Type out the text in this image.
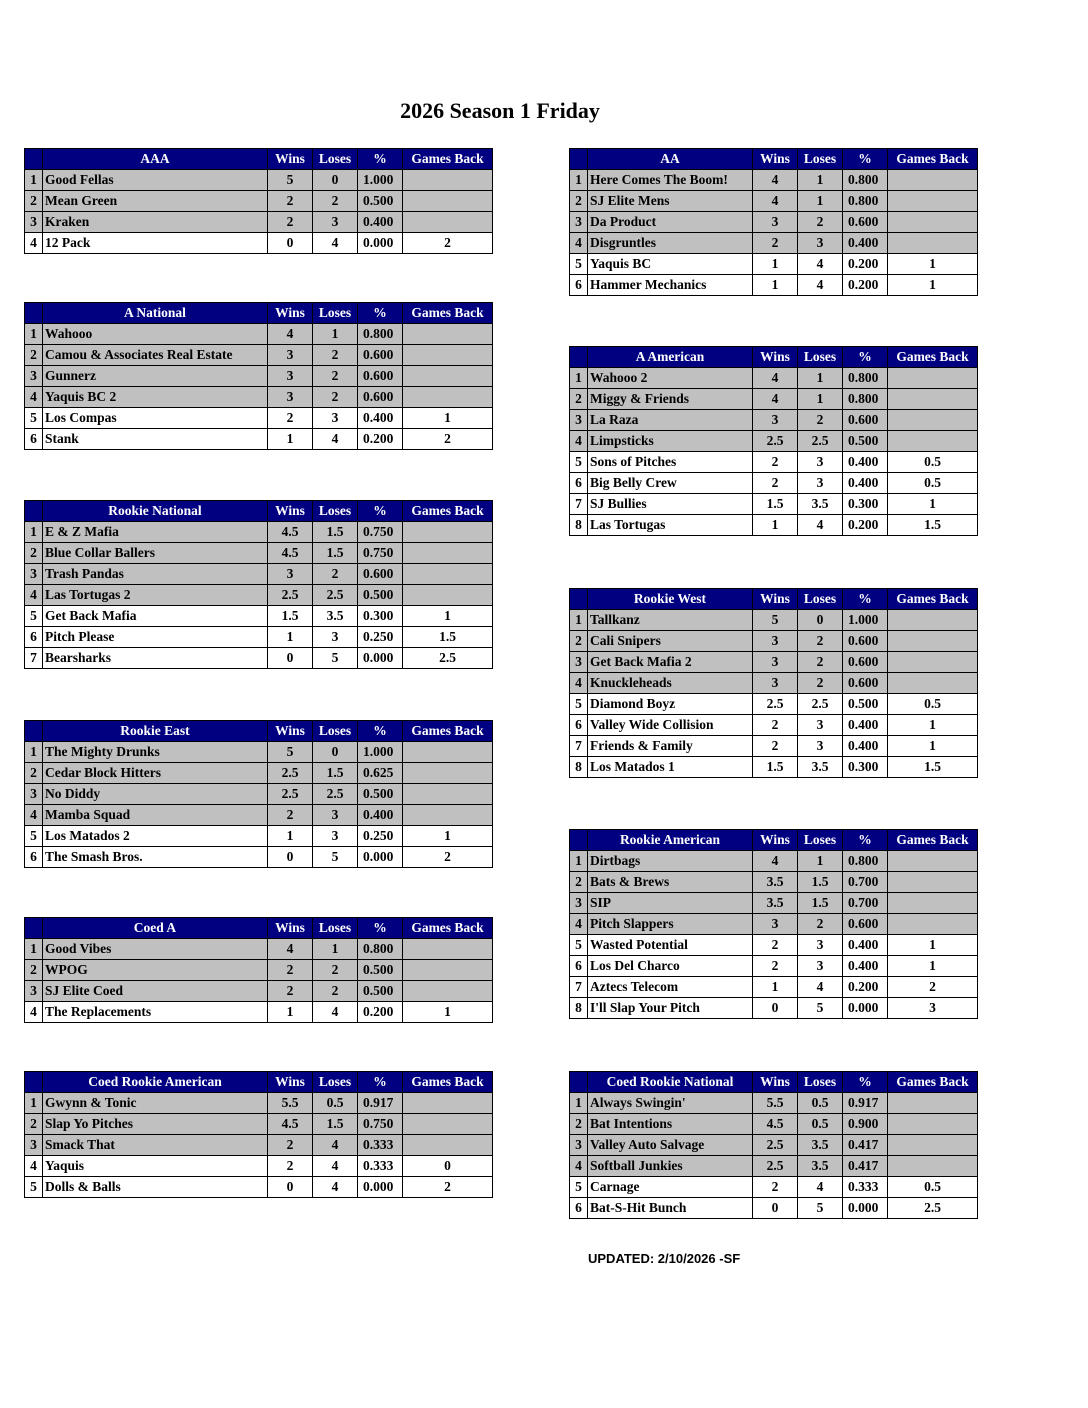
2026 Season 1 Friday
	AAA	Wins	Loses	%	Games Back
1	Good Fellas	5	0	1.000	
2	Mean Green	2	2	0.500	
3	Kraken	2	3	0.400	
4	12 Pack	0	4	0.000	2
	A National	Wins	Loses	%	Games Back
1	Wahooo	4	1	0.800	
2	Camou & Associates Real Estate	3	2	0.600	
3	Gunnerz	3	2	0.600	
4	Yaquis BC 2	3	2	0.600	
5	Los Compas	2	3	0.400	1
6	Stank	1	4	0.200	2
	Rookie National	Wins	Loses	%	Games Back
1	E & Z Mafia	4.5	1.5	0.750	
2	Blue Collar Ballers	4.5	1.5	0.750	
3	Trash Pandas	3	2	0.600	
4	Las Tortugas 2	2.5	2.5	0.500	
5	Get Back Mafia	1.5	3.5	0.300	1
6	Pitch Please	1	3	0.250	1.5
7	Bearsharks	0	5	0.000	2.5
	Rookie East	Wins	Loses	%	Games Back
1	The Mighty Drunks	5	0	1.000	
2	Cedar Block Hitters	2.5	1.5	0.625	
3	No Diddy	2.5	2.5	0.500	
4	Mamba Squad	2	3	0.400	
5	Los Matados 2	1	3	0.250	1
6	The Smash Bros.	0	5	0.000	2
	Coed A	Wins	Loses	%	Games Back
1	Good Vibes	4	1	0.800	
2	WPOG	2	2	0.500	
3	SJ Elite Coed	2	2	0.500	
4	The Replacements	1	4	0.200	1
	Coed Rookie American	Wins	Loses	%	Games Back
1	Gwynn & Tonic	5.5	0.5	0.917	
2	Slap Yo Pitches	4.5	1.5	0.750	
3	Smack That	2	4	0.333	
4	Yaquis	2	4	0.333	0
5	Dolls & Balls	0	4	0.000	2
	AA	Wins	Loses	%	Games Back
1	Here Comes The Boom!	4	1	0.800	
2	SJ Elite Mens	4	1	0.800	
3	Da Product	3	2	0.600	
4	Disgruntles	2	3	0.400	
5	Yaquis BC	1	4	0.200	1
6	Hammer Mechanics	1	4	0.200	1
	A American	Wins	Loses	%	Games Back
1	Wahooo 2	4	1	0.800	
2	Miggy & Friends	4	1	0.800	
3	La Raza	3	2	0.600	
4	Limpsticks	2.5	2.5	0.500	
5	Sons of Pitches	2	3	0.400	0.5
6	Big Belly Crew	2	3	0.400	0.5
7	SJ Bullies	1.5	3.5	0.300	1
8	Las Tortugas	1	4	0.200	1.5
	Rookie West	Wins	Loses	%	Games Back
1	Tallkanz	5	0	1.000	
2	Cali Snipers	3	2	0.600	
3	Get Back Mafia 2	3	2	0.600	
4	Knuckleheads	3	2	0.600	
5	Diamond Boyz	2.5	2.5	0.500	0.5
6	Valley Wide Collision	2	3	0.400	1
7	Friends & Family	2	3	0.400	1
8	Los Matados 1	1.5	3.5	0.300	1.5
	Rookie American	Wins	Loses	%	Games Back
1	Dirtbags	4	1	0.800	
2	Bats & Brews	3.5	1.5	0.700	
3	SIP	3.5	1.5	0.700	
4	Pitch Slappers	3	2	0.600	
5	Wasted Potential	2	3	0.400	1
6	Los Del Charco	2	3	0.400	1
7	Aztecs Telecom	1	4	0.200	2
8	I'll Slap Your Pitch	0	5	0.000	3
	Coed Rookie National	Wins	Loses	%	Games Back
1	Always Swingin'	5.5	0.5	0.917	
2	Bat Intentions	4.5	0.5	0.900	
3	Valley Auto Salvage	2.5	3.5	0.417	
4	Softball Junkies	2.5	3.5	0.417	
5	Carnage	2	4	0.333	0.5
6	Bat-S-Hit Bunch	0	5	0.000	2.5
UPDATED: 2/10/2026 -SF
